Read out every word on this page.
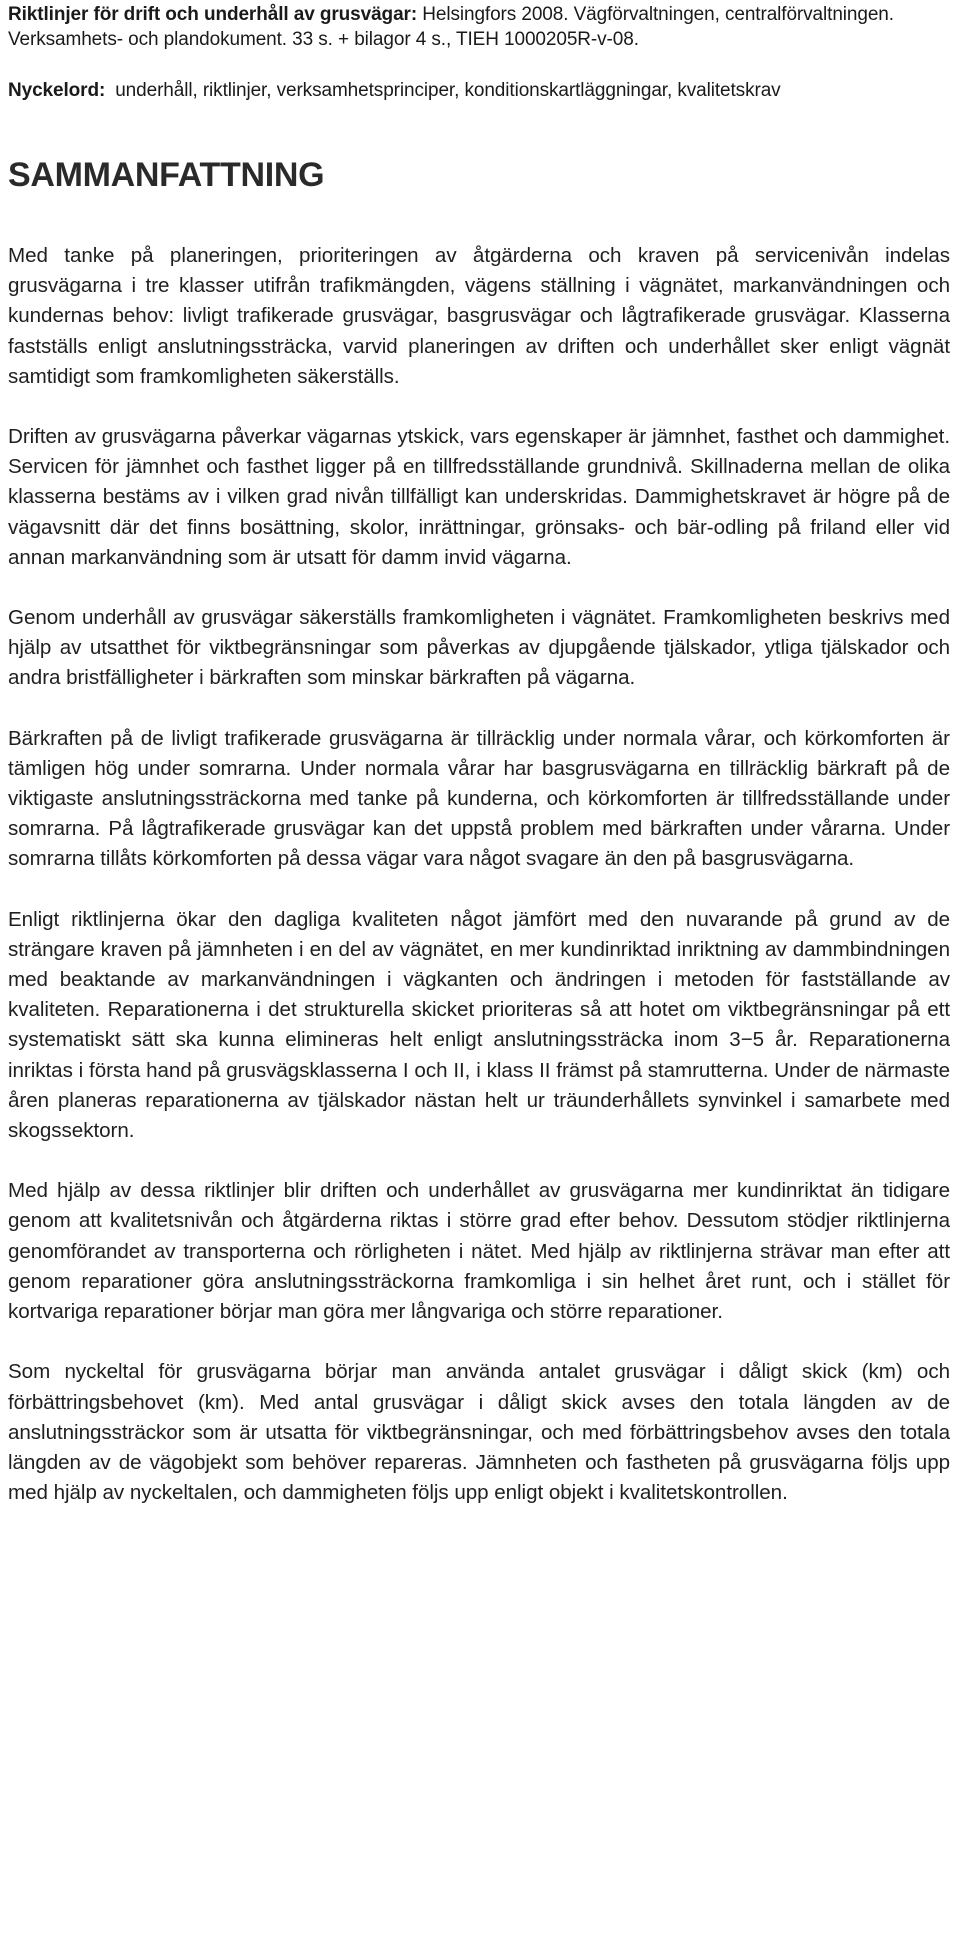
Riktlinjer för drift och underhåll av grusvägar: Helsingfors 2008. Vägförvaltningen, centralförvaltningen. Verksamhets- och plandokument. 33 s. + bilagor 4 s., TIEH 1000205R-v-08.

Nyckelord: underhåll, riktlinjer, verksamhetsprinciper, konditionskartläggningar, kvalitetskrav

SAMMANFATTNING

Med tanke på planeringen, prioriteringen av åtgärderna och kraven på servicenivån indelas grusvägarna i tre klasser utifrån trafikmängden, vägens ställning i vägnätet, markanvändningen och kundernas behov: livligt trafikerade grusvägar, basgrusvägar och lågtrafikerade grusvägar. Klasserna fastställs enligt anslutningssträcka, varvid planeringen av driften och underhållet sker enligt vägnät samtidigt som framkomligheten säkerställs.

Driften av grusvägarna påverkar vägarnas ytskick, vars egenskaper är jämnhet, fasthet och dammighet. Servicen för jämnhet och fasthet ligger på en tillfredsställande grundnivå. Skillnaderna mellan de olika klasserna bestäms av i vilken grad nivån tillfälligt kan underskridas. Dammighetskravet är högre på de vägavsnitt där det finns bosättning, skolor, inrättningar, grönsaks- och bär-odling på friland eller vid annan markanvändning som är utsatt för damm invid vägarna.

Genom underhåll av grusvägar säkerställs framkomligheten i vägnätet. Framkomligheten beskrivs med hjälp av utsatthet för viktbegränsningar som påverkas av djupgående tjälskador, ytliga tjälskador och andra bristfälligheter i bärkraften som minskar bärkraften på vägarna.

Bärkraften på de livligt trafikerade grusvägarna är tillräcklig under normala vårar, och körkomforten är tämligen hög under somrarna. Under normala vårar har basgrusvägarna en tillräcklig bärkraft på de viktigaste anslutningssträckorna med tanke på kunderna, och körkomforten är tillfredsställande under somrarna. På lågtrafikerade grusvägar kan det uppstå problem med bärkraften under vårarna. Under somrarna tillåts körkomforten på dessa vägar vara något svagare än den på basgrusvägarna.

Enligt riktlinjerna ökar den dagliga kvaliteten något jämfört med den nuvarande på grund av de strängare kraven på jämnheten i en del av vägnätet, en mer kundinriktad inriktning av dammbindningen med beaktande av markanvändningen i vägkanten och ändringen i metoden för fastställande av kvaliteten. Reparationerna i det strukturella skicket prioriteras så att hotet om viktbegränsningar på ett systematiskt sätt ska kunna elimineras helt enligt anslutningssträcka inom 3−5 år. Reparationerna inriktas i första hand på grusvägsklasserna I och II, i klass II främst på stamrutterna. Under de närmaste åren planeras reparationerna av tjälskador nästan helt ur träunderhållets synvinkel i samarbete med skogssektorn.

Med hjälp av dessa riktlinjer blir driften och underhållet av grusvägarna mer kundinriktat än tidigare genom att kvalitetsnivån och åtgärderna riktas i större grad efter behov. Dessutom stödjer riktlinjerna genomförandet av transporterna och rörligheten i nätet. Med hjälp av riktlinjerna strävar man efter att genom reparationer göra anslutningssträckorna framkomliga i sin helhet året runt, och i stället för kortvariga reparationer börjar man göra mer långvariga och större reparationer.

Som nyckeltal för grusvägarna börjar man använda antalet grusvägar i dåligt skick (km) och förbättringsbehovet (km). Med antal grusvägar i dåligt skick avses den totala längden av de anslutningssträckor som är utsatta för viktbegränsningar, och med förbättringsbehov avses den totala längden av de vägobjekt som behöver repareras. Jämnheten och fastheten på grusvägarna följs upp med hjälp av nyckeltalen, och dammigheten följs upp enligt objekt i kvalitetskontrollen.
